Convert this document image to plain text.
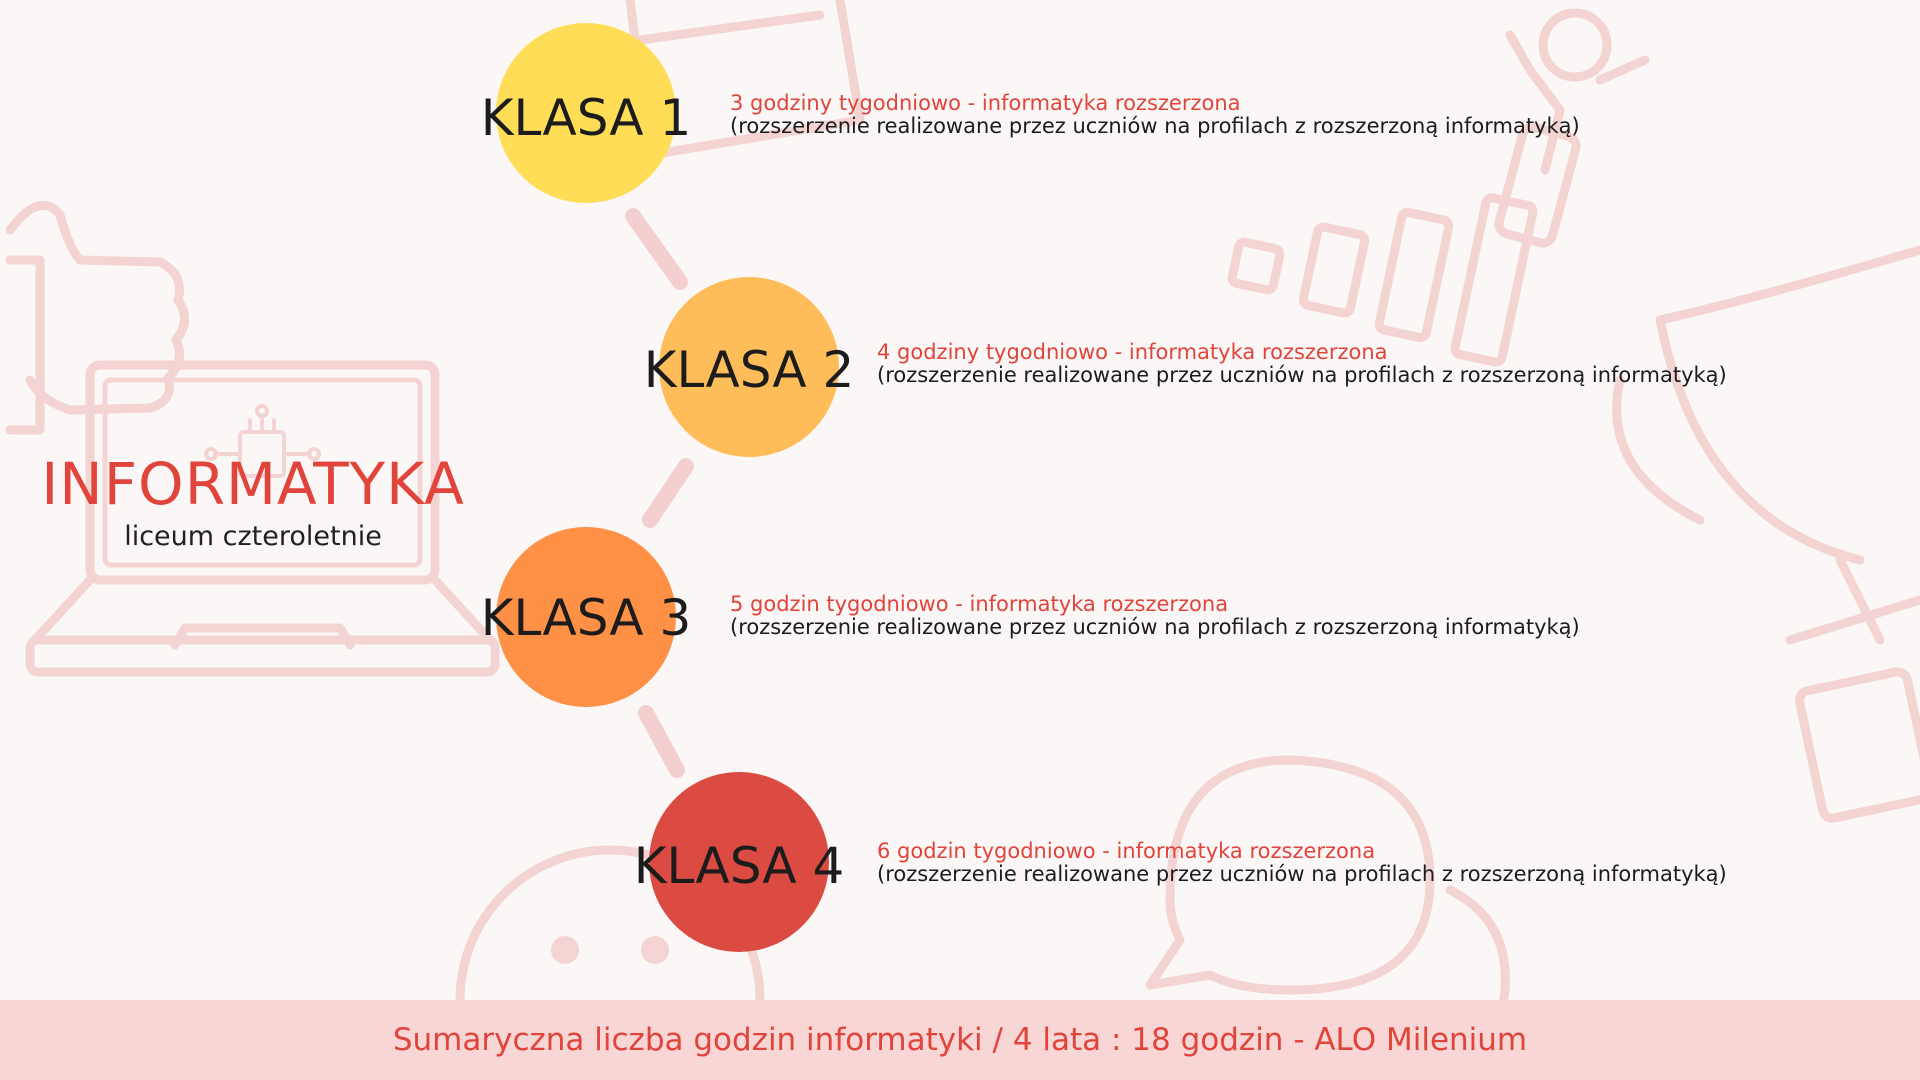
INFORMATYKA
liceum czteroletnie
KLASA 1	3 godziny tygodniowo - informatyka rozszerzona
(rozszerzenie realizowane przez uczniów na profilach z rozszerzoną informatyką)
KLASA 2	4 godziny tygodniowo - informatyka rozszerzona
(rozszerzenie realizowane przez uczniów na profilach z rozszerzoną informatyką)
KLASA 3	5 godzin tygodniowo - informatyka rozszerzona
(rozszerzenie realizowane przez uczniów na profilach z rozszerzoną informatyką)
KLASA 4	6 godzin tygodniowo - informatyka rozszerzona
(rozszerzenie realizowane przez uczniów na profilach z rozszerzoną informatyką)
Sumaryczna liczba godzin informatyki / 4 lata : 18 godzin - ALO Milenium
